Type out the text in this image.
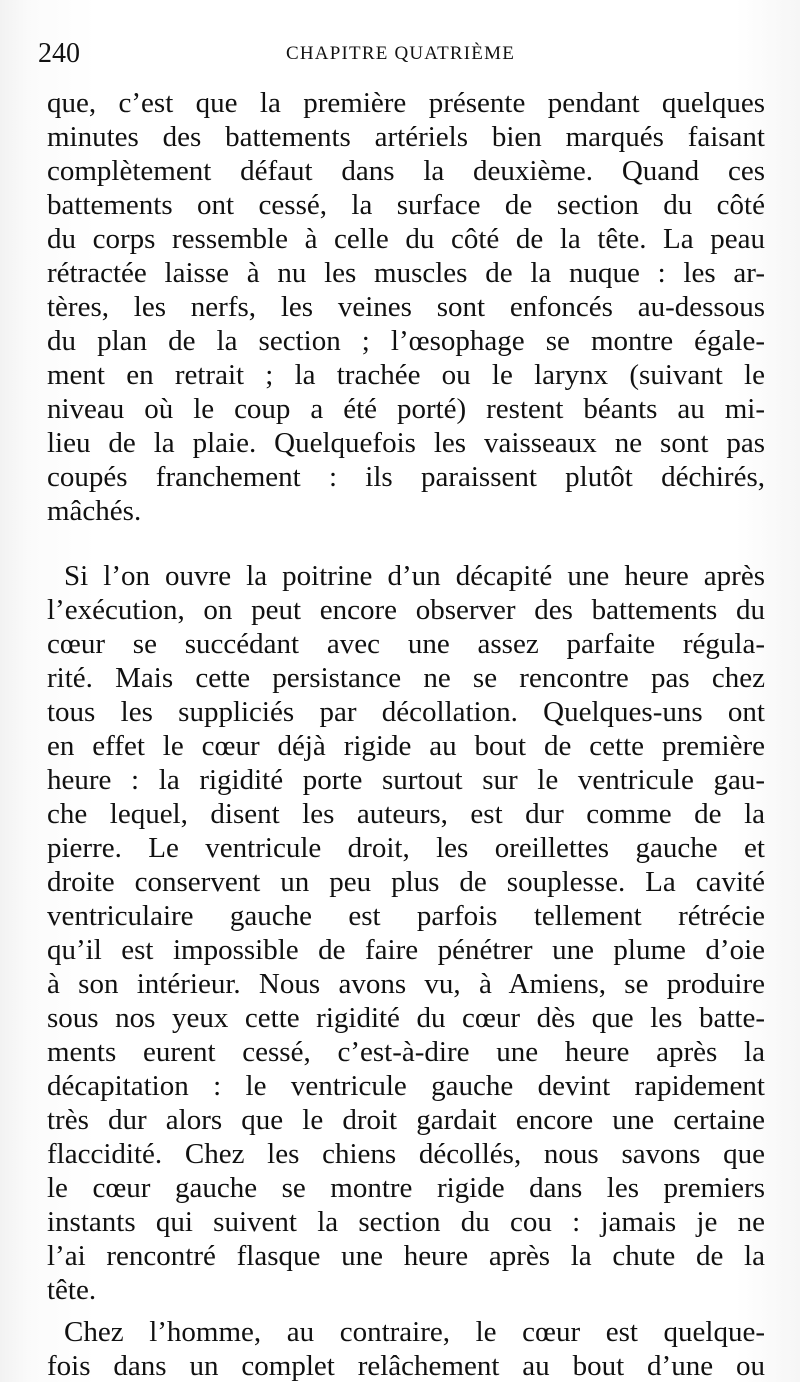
240	CHAPITRE QUATRIÈME
que, c’est que la première présente pendant quelques
minutes des battements artériels bien marqués faisant
complètement défaut dans la deuxième. Quand ces
battements ont cessé, la surface de section du côté
du corps ressemble à celle du côté de la tête. La peau
rétractée laisse à nu les muscles de la nuque : les ar-
tères, les nerfs, les veines sont enfoncés au-dessous
du plan de la section ; l’œsophage se montre égale-
ment en retrait ; la trachée ou le larynx (suivant le
niveau où le coup a été porté) restent béants au mi-
lieu de la plaie. Quelquefois les vaisseaux ne sont pas
coupés franchement : ils paraissent plutôt déchirés,
mâchés.
Si l’on ouvre la poitrine d’un décapité une heure après
l’exécution, on peut encore observer des battements du
cœur se succédant avec une assez parfaite régula-
rité. Mais cette persistance ne se rencontre pas chez
tous les suppliciés par décollation. Quelques-uns ont
en effet le cœur déjà rigide au bout de cette première
heure : la rigidité porte surtout sur le ventricule gau-
che lequel, disent les auteurs, est dur comme de la
pierre. Le ventricule droit, les oreillettes gauche et
droite conservent un peu plus de souplesse. La cavité
ventriculaire gauche est parfois tellement rétrécie
qu’il est impossible de faire pénétrer une plume d’oie
à son intérieur. Nous avons vu, à Amiens, se produire
sous nos yeux cette rigidité du cœur dès que les batte-
ments eurent cessé, c’est-à-dire une heure après la
décapitation : le ventricule gauche devint rapidement
très dur alors que le droit gardait encore une certaine
flaccidité. Chez les chiens décollés, nous savons que
le cœur gauche se montre rigide dans les premiers
instants qui suivent la section du cou : jamais je ne
l’ai rencontré flasque une heure après la chute de la
tête.
Chez l’homme, au contraire, le cœur est quelque-
fois dans un complet relâchement au bout d’une ou
